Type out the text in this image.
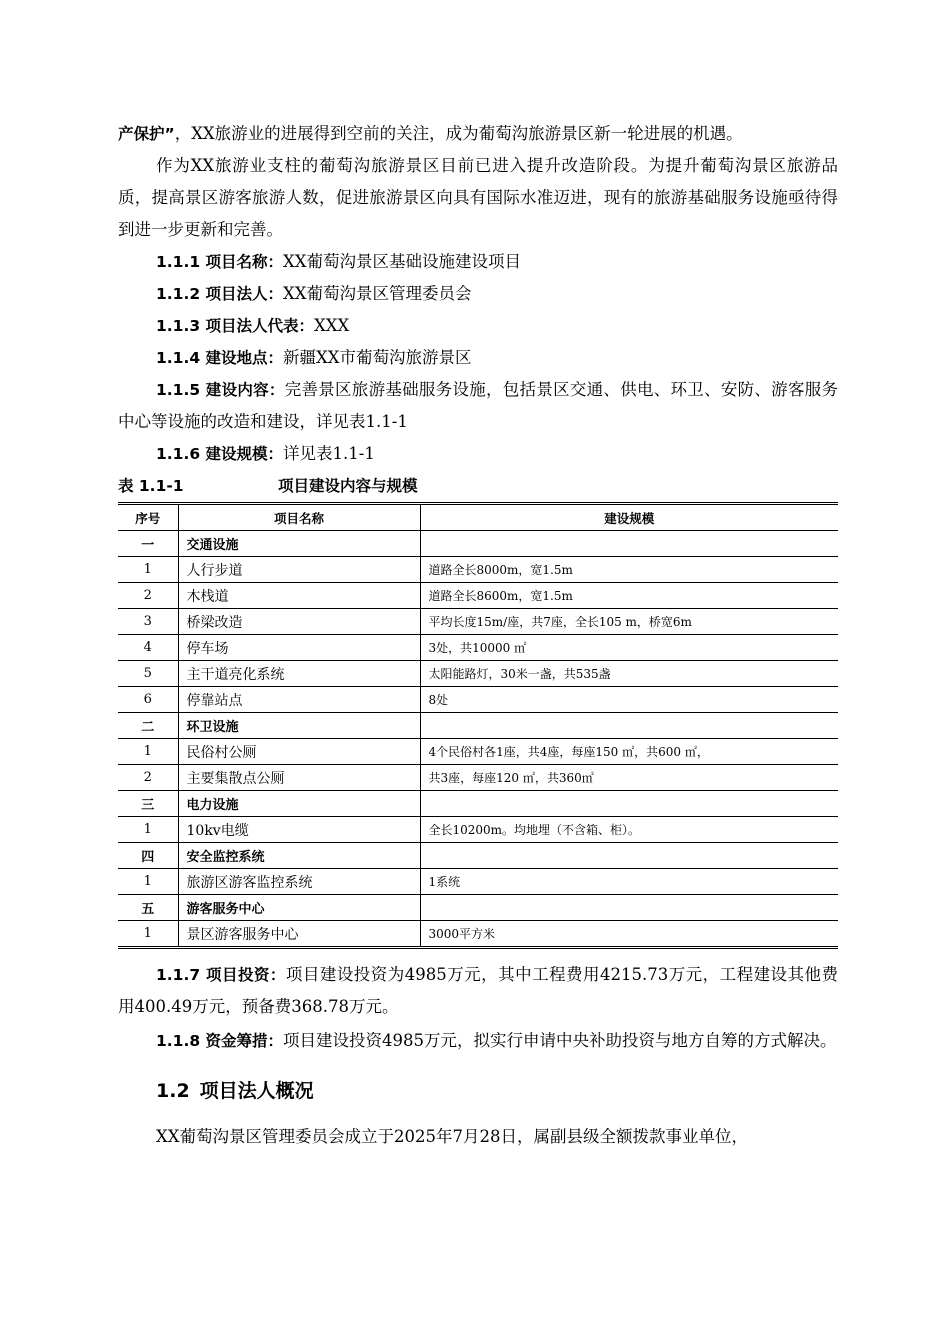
产保护”，XX旅游业的进展得到空前的关注，成为葡萄沟旅游景区新一轮进展的机遇。

作为XX旅游业支柱的葡萄沟旅游景区目前已进入提升改造阶段。为提升葡萄沟景区旅游品质，提高景区游客旅游人数，促进旅游景区向具有国际水准迈进，现有的旅游基础服务设施亟待得到进一步更新和完善。

1.1.1 项目名称：XX葡萄沟景区基础设施建设项目

1.1.2 项目法人：XX葡萄沟景区管理委员会

1.1.3 项目法人代表：XXX

1.1.4 建设地点：新疆XX市葡萄沟旅游景区

1.1.5 建设内容：完善景区旅游基础服务设施，包括景区交通、供电、环卫、安防、游客服务中心等设施的改造和建设，详见表1.1-1

1.1.6 建设规模：详见表1.1-1

表 1.1-1	项目建设内容与规模
序号	项目名称	建设规模
一	交通设施	
1	人行步道	道路全长8000m，宽1.5m
2	木栈道	道路全长8600m，宽1.5m
3	桥梁改造	平均长度15m/座，共7座，全长105 m，桥宽6m
4	停车场	3处，共10000 ㎡
5	主干道亮化系统	太阳能路灯，30米一盏，共535盏
6	停靠站点	8处
二	环卫设施	
1	民俗村公厕	4个民俗村各1座，共4座，每座150 ㎡，共600 ㎡，
2	主要集散点公厕	共3座，每座120 ㎡，共360㎡
三	电力设施	
1	10kv电缆	全长10200m。均地埋（不含箱、柜）。
四	安全监控系统	
1	旅游区游客监控系统	1系统
五	游客服务中心	
1	景区游客服务中心	3000平方米

1.1.7 项目投资：项目建设投资为4985万元，其中工程费用4215.73万元，工程建设其他费用400.49万元，预备费368.78万元。

1.1.8 资金筹措：项目建设投资4985万元，拟实行申请中央补助投资与地方自筹的方式解决。

1.2 项目法人概况

XX葡萄沟景区管理委员会成立于2025年7月28日，属副县级全额拨款事业单位，
